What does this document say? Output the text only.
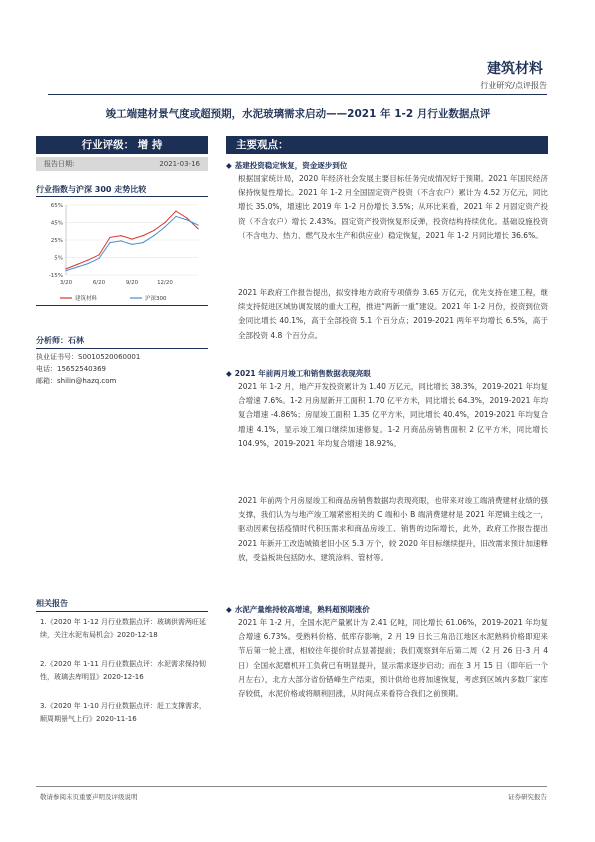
建筑材料
行业研究/点评报告
竣工端建材景气度或超预期，水泥玻璃需求启动——2021 年 1-2 月行业数据点评
行业评级： 增 持
报告日期:	2021-03-16
行业指数与沪深 300 走势比较
65%
45%
25%
5%
-15%
3/20	6/20	9/20	12/20
建筑材料	沪深300
分析师：石林
执业证书号：S0010520060001
电话：15652540369
邮箱：shilin@hazq.com
相关报告
1.《2020 年 1-12 月行业数据点评：玻璃供需两旺延续，关注水泥布局机会》2020-12-18
2.《2020 年 1-11 月行业数据点评：水泥需求保持韧性，玻璃去库明显》2020-12-16
3.《2020 年 1-10 月行业数据点评：赶工支撑需求，顺周期景气上行》2020-11-16
主要观点：
◆ 基建投资稳定恢复，资金逐步到位
根据国家统计局，2020 年经济社会发展主要目标任务完成情况好于预期。2021 年国民经济保持恢复性增长。2021 年 1-2 月全国固定资产投资（不含农户）累计为 4.52 万亿元，同比增长 35.0%，增速比 2019 年 1-2 月份增长 3.5%；从环比来看，2021 年 2 月固定资产投资（不含农户）增长 2.43%。固定资产投资恢复形反弹，投资结构持续优化。基础设施投资（不含电力、热力、燃气及水生产和供应业）稳定恢复，2021 年 1-2 月同比增长 36.6%。
2021 年政府工作报告提出，拟安排地方政府专项债券 3.65 万亿元，优先支持在建工程，继续支持促进区域协调发展的重大工程，推进“两新一重”建设。2021 年 1-2 月份，投资到位资金同比增长 40.1%，高于全部投资 5.1 个百分点；2019-2021 两年平均增长 6.5%，高于全部投资 4.8 个百分点。
◆ 2021 年前两月竣工和销售数据表现亮眼
2021 年 1-2 月，地产开发投资累计为 1.40 万亿元，同比增长 38.3%，2019-2021 年均复合增速 7.6%。1-2 月房屋新开工面积 1.70 亿平方米，同比增长 64.3%，2019-2021 年均复合增速 -4.86%；房屋竣工面积 1.35 亿平方米，同比增长 40.4%，2019-2021 年均复合增速 4.1%，显示竣工端口继续加速修复。1-2 月商品房销售面积 2 亿平方米，同比增长 104.9%，2019-2021 年均复合增速 18.92%。
2021 年前两个月房屋竣工和商品房销售数据均表现亮眼，也带来对竣工端消费建材业绩的强支撑，我们认为与地产竣工端紧密相关的 C 端和小 B 端消费建材是 2021 年逻辑主线之一，驱动因素包括疫情时代积压需求和商品房竣工、销售的边际增长，此外，政府工作报告提出 2021 年新开工改造城镇老旧小区 5.3 万个，较 2020 年目标继续提升，旧改需求预计加速释放，受益板块包括防水、建筑涂料、管材等。
◆ 水泥产量维持较高增速，熟料超预期涨价
2021 年 1-2 月，全国水泥产量累计为 2.41 亿吨，同比增长 61.06%，2019-2021 年均复合增速 6.73%。受熟料价格、低库存影响，2 月 19 日长三角沿江地区水泥熟料价格即迎来节后第一轮上涨，相较往年提价时点显著提前；我们观察到年后第二周（2 月 26 日-3 月 4 日）全国水泥磨机开工负荷已有明显提升，显示需求逐步启动；而在 3 月 15 日（即年后一个月左右），北方大部分省份错峰生产结束，预计供给也将加速恢复，考虑到区域内多数厂家库存较低，水泥价格或将顺利回涨，从时间点来看符合我们之前预期。
敬请参阅末页重要声明及评级说明	证券研究报告
